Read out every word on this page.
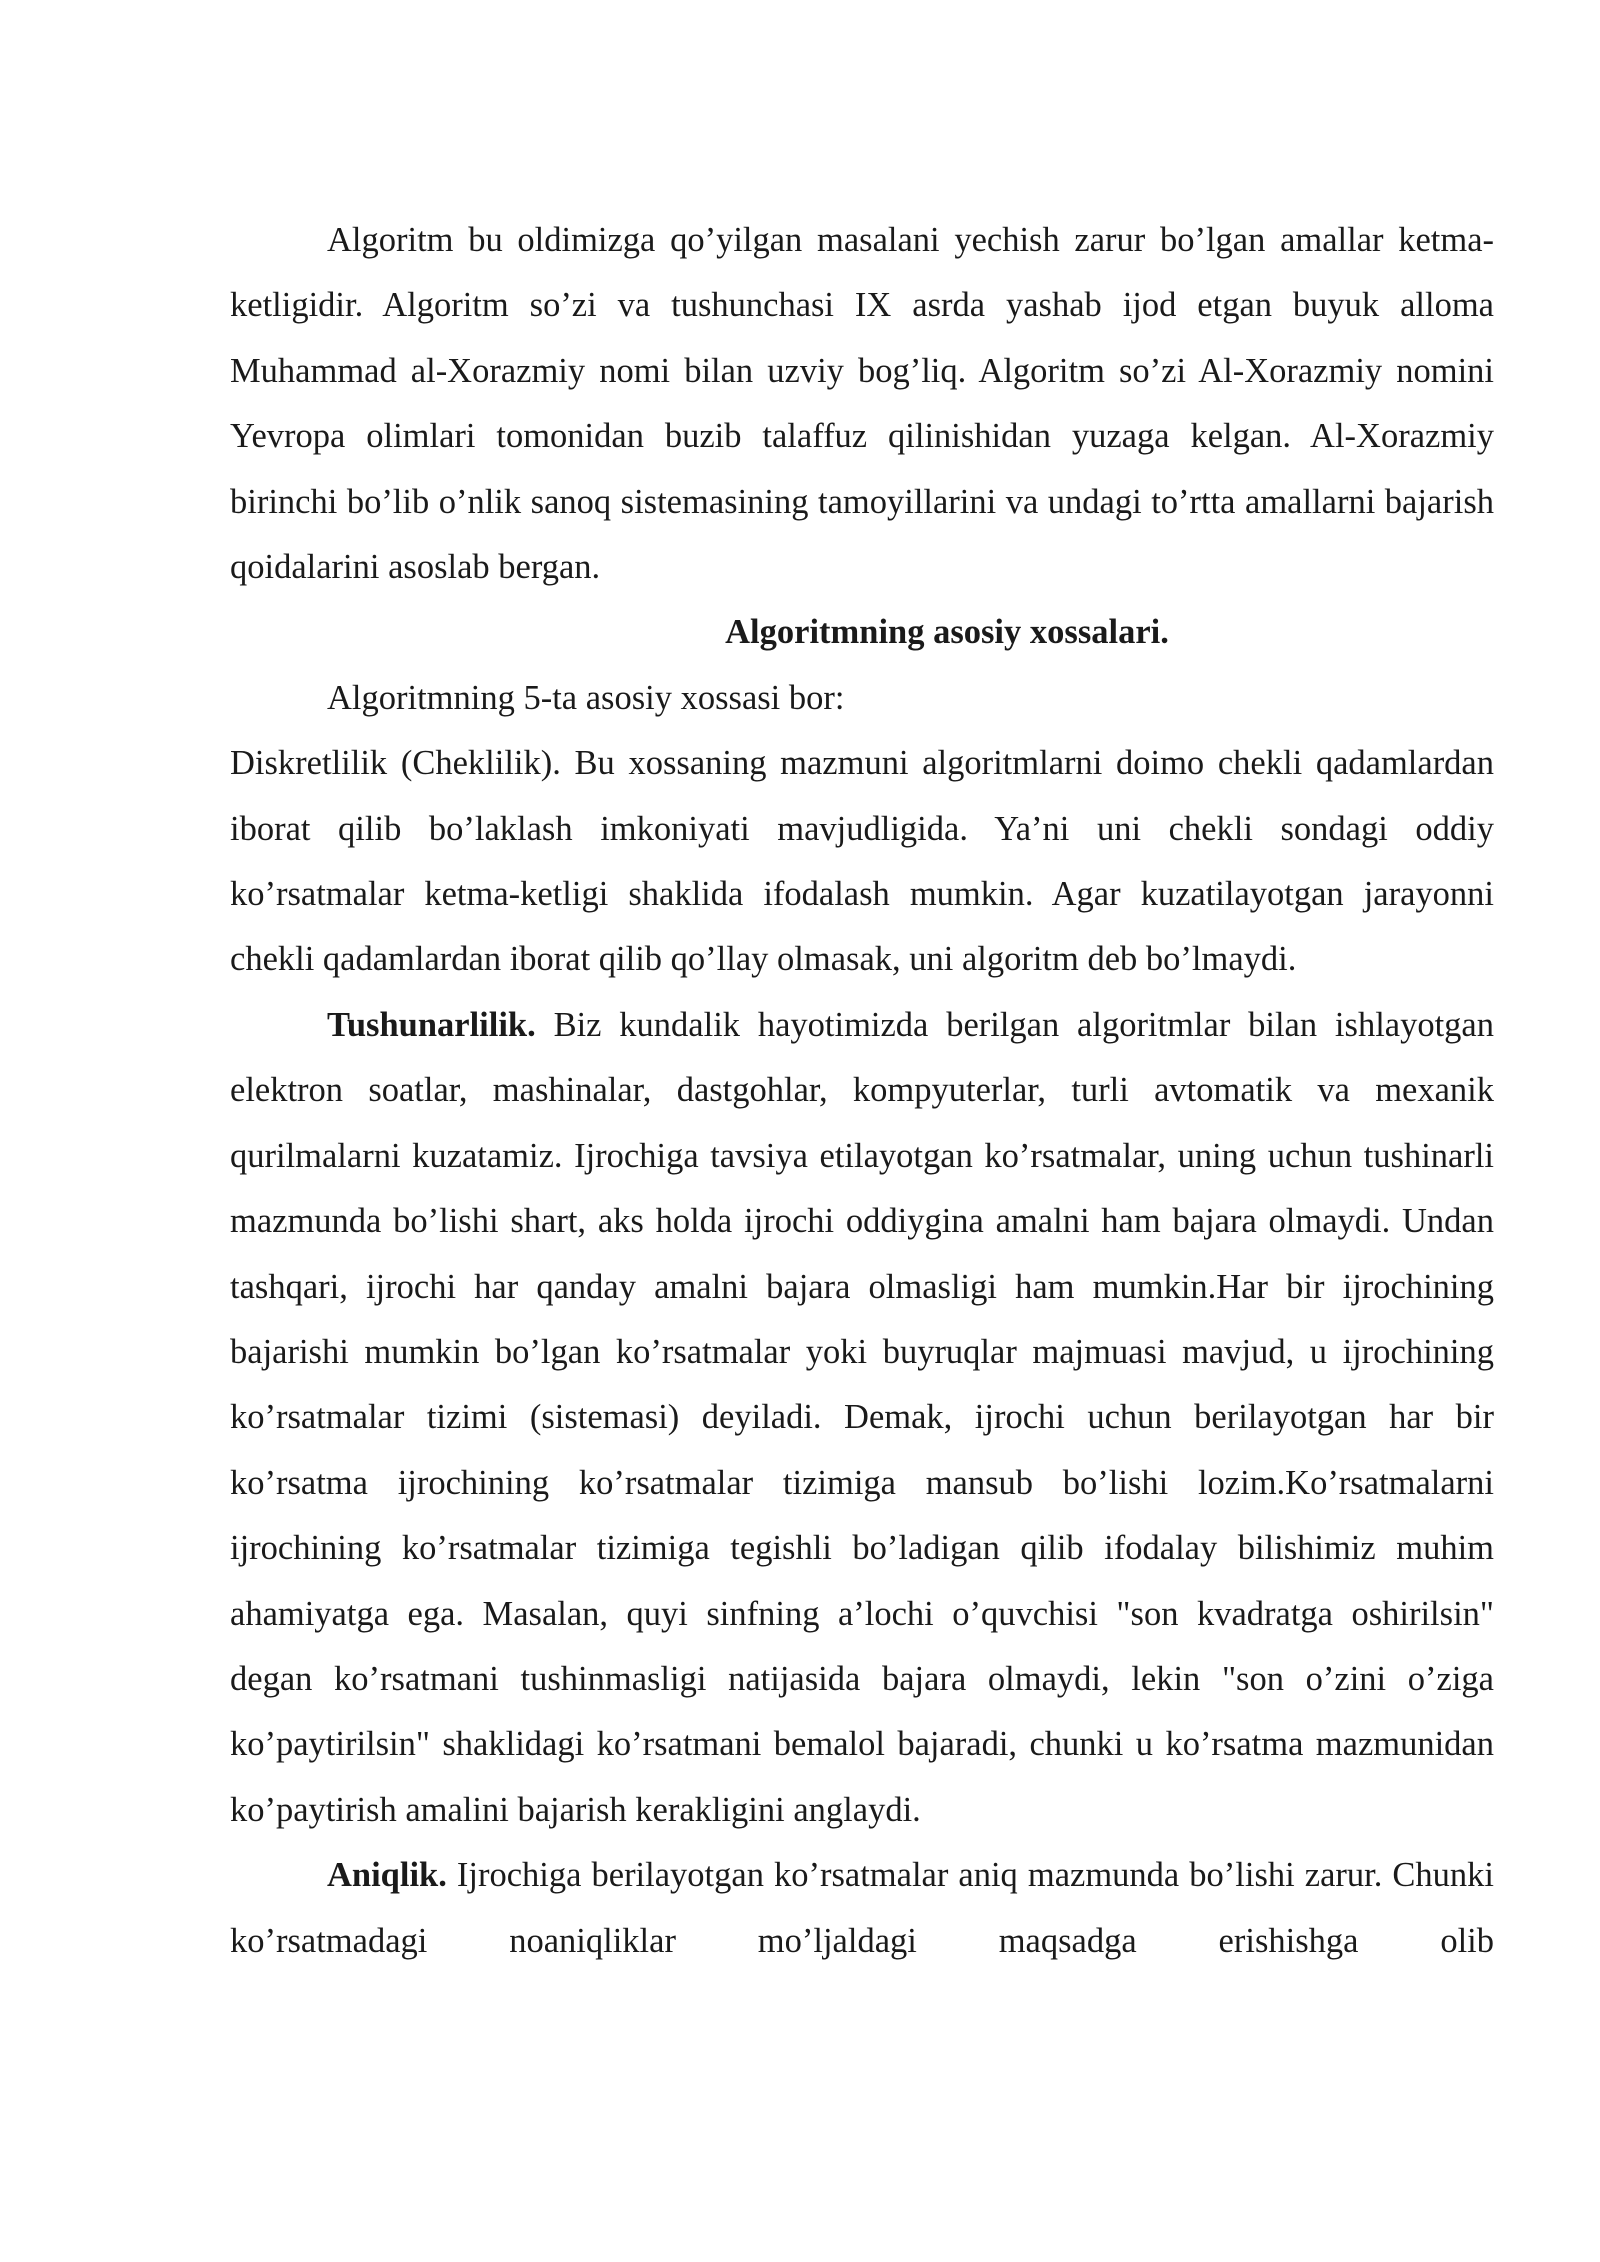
Algoritm bu oldimizga qo’yilgan masalani yechish zarur bo’lgan amallar ketma-ketligidir. Algoritm so’zi va tushunchasi IX asrda yashab ijod etgan buyuk alloma Muhammad al-Xorazmiy nomi bilan uzviy bog’liq. Algoritm so’zi Al-Xorazmiy nomini Yevropa olimlari tomonidan buzib talaffuz qilinishidan yuzaga kelgan. Al-Xorazmiy birinchi bo’lib o’nlik sanoq sistemasining tamoyillarini va undagi to’rtta amallarni bajarish qoidalarini asoslab bergan.

Algoritmning asosiy xossalari.

Algoritmning 5-ta asosiy xossasi bor:

Diskretlilik (Cheklilik). Bu xossaning mazmuni algoritmlarni doimo chekli qadamlardan iborat qilib bo’laklash imkoniyati mavjudligida. Ya’ni uni chekli sondagi oddiy ko’rsatmalar ketma-ketligi shaklida ifodalash mumkin. Agar kuzatilayotgan jarayonni chekli qadamlardan iborat qilib qo’llay olmasak, uni algoritm deb bo’lmaydi.

Tushunarlilik. Biz kundalik hayotimizda berilgan algoritmlar bilan ishlayotgan elektron soatlar, mashinalar, dastgohlar, kompyuterlar, turli avtomatik va mexanik qurilmalarni kuzatamiz. Ijrochiga tavsiya etilayotgan ko’rsatmalar, uning uchun tushinarli mazmunda bo’lishi shart, aks holda ijrochi oddiygina amalni ham bajara olmaydi. Undan tashqari, ijrochi har qanday amalni bajara olmasligi ham mumkin.Har bir ijrochining bajarishi mumkin bo’lgan ko’rsatmalar yoki buyruqlar majmuasi mavjud, u ijrochining ko’rsatmalar tizimi (sistemasi) deyiladi. Demak, ijrochi uchun berilayotgan har bir ko’rsatma ijrochining ko’rsatmalar tizimiga mansub bo’lishi lozim.Ko’rsatmalarni ijrochining ko’rsatmalar tizimiga tegishli bo’ladigan qilib ifodalay bilishimiz muhim ahamiyatga ega. Masalan, quyi sinfning a’lochi o’quvchisi "son kvadratga oshirilsin" degan ko’rsatmani tushinmasligi natijasida bajara olmaydi, lekin "son o’zini o’ziga ko’paytirilsin" shaklidagi ko’rsatmani bemalol bajaradi, chunki u ko’rsatma mazmunidan ko’paytirish amalini bajarish kerakligini anglaydi.

Aniqlik. Ijrochiga berilayotgan ko’rsatmalar aniq mazmunda bo’lishi zarur. Chunki ko’rsatmadagi noaniqliklar mo’ljaldagi maqsadga erishishga olib
